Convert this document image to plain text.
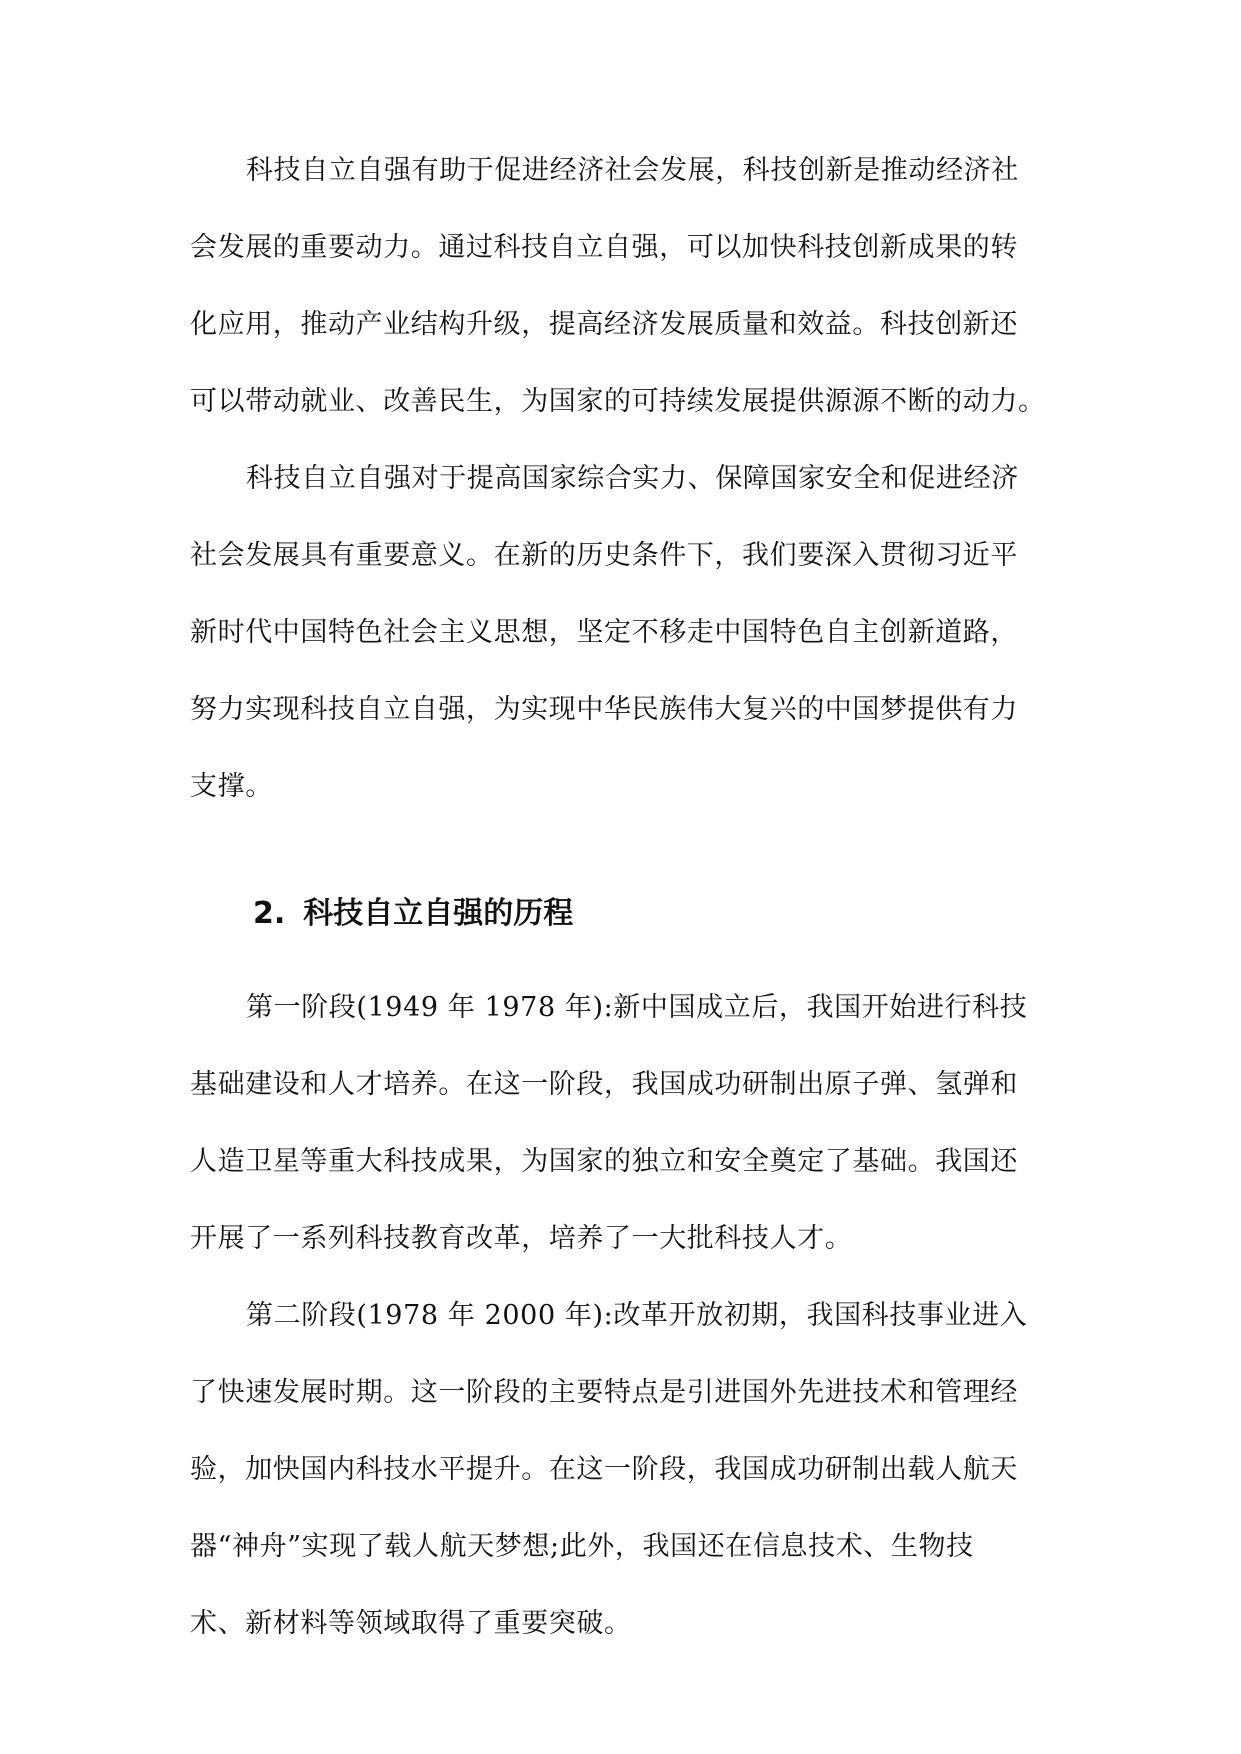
科技自立自强有助于促进经济社会发展，科技创新是推动经济社
会发展的重要动力。通过科技自立自强，可以加快科技创新成果的转
化应用，推动产业结构升级，提高经济发展质量和效益。科技创新还
可以带动就业、改善民生，为国家的可持续发展提供源源不断的动力。
科技自立自强对于提高国家综合实力、保障国家安全和促进经济
社会发展具有重要意义。在新的历史条件下，我们要深入贯彻习近平
新时代中国特色社会主义思想，坚定不移走中国特色自主创新道路，
努力实现科技自立自强，为实现中华民族伟大复兴的中国梦提供有力
支撑。
2. 科技自立自强的历程
第一阶段(1949 年 1978 年):新中国成立后，我国开始进行科技
基础建设和人才培养。在这一阶段，我国成功研制出原子弹、氢弹和
人造卫星等重大科技成果，为国家的独立和安全奠定了基础。我国还
开展了一系列科技教育改革，培养了一大批科技人才。
第二阶段(1978 年 2000 年):改革开放初期，我国科技事业进入
了快速发展时期。这一阶段的主要特点是引进国外先进技术和管理经
验，加快国内科技水平提升。在这一阶段，我国成功研制出载人航天
器“神舟”实现了载人航天梦想;此外，我国还在信息技术、生物技
术、新材料等领域取得了重要突破。
